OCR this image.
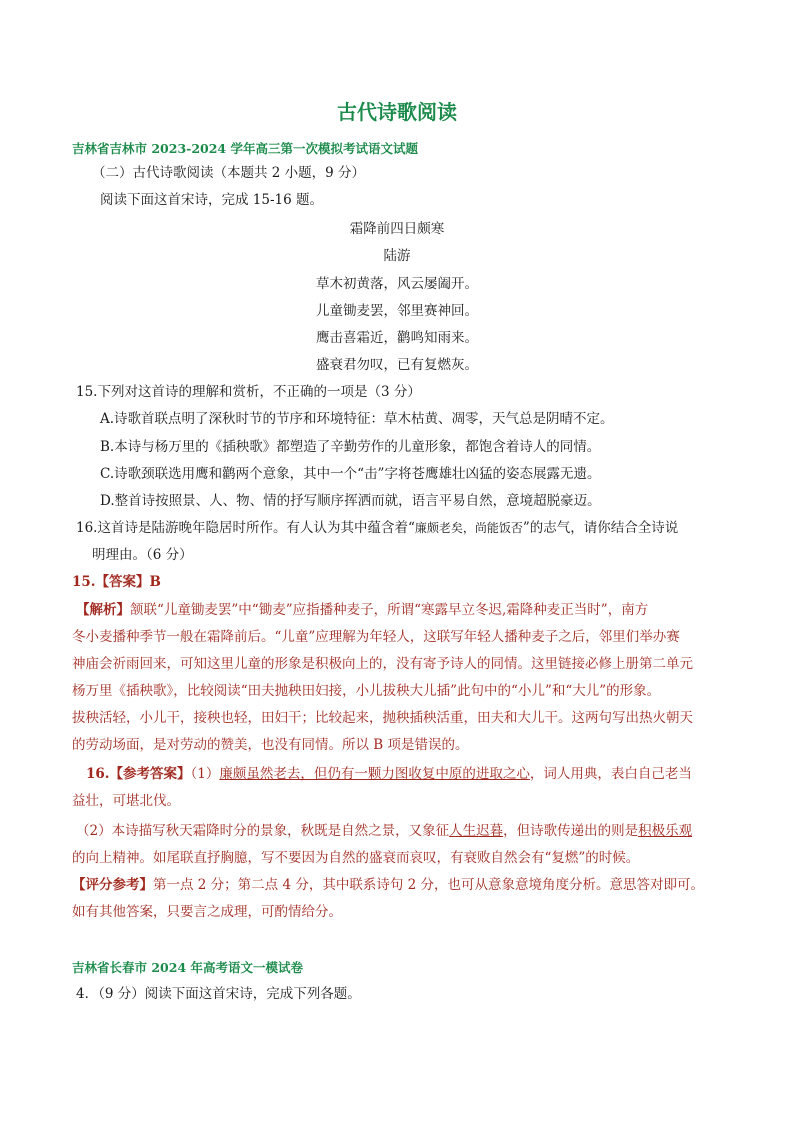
古代诗歌阅读
吉林省吉林市 2023-2024 学年高三第一次模拟考试语文试题
（二）古代诗歌阅读（本题共 2 小题，9 分）
阅读下面这首宋诗，完成 15-16 题。
霜降前四日颇寒
陆游
草木初黄落，风云屡阖开。
儿童锄麦罢，邻里赛神回。
鹰击喜霜近，鹳鸣知雨来。
盛衰君勿叹，已有复燃灰。
15.下列对这首诗的理解和赏析，不正确的一项是（3 分）
A.诗歌首联点明了深秋时节的节序和环境特征：草木枯黄、凋零，天气总是阴晴不定。
B.本诗与杨万里的《插秧歌》都塑造了辛勤劳作的儿童形象，都饱含着诗人的同情。
C.诗歌颈联选用鹰和鹳两个意象，其中一个“击”字将苍鹰雄壮凶猛的姿态展露无遗。
D.整首诗按照景、人、物、情的抒写顺序挥洒而就，语言平易自然，意境超脱豪迈。
16.这首诗是陆游晚年隐居时所作。有人认为其中蕴含着“廉颇老矣，尚能饭否”的志气，请你结合全诗说
明理由。（6 分）
15.【答案】B
【解析】颔联“儿童锄麦罢”中“锄麦”应指播种麦子，所谓“寒露早立冬迟,霜降种麦正当时”，南方
冬小麦播种季节一般在霜降前后。“儿童”应理解为年轻人，这联写年轻人播种麦子之后，邻里们举办赛
神庙会祈雨回来，可知这里儿童的形象是积极向上的，没有寄予诗人的同情。这里链接必修上册第二单元
杨万里《插秧歌》，比较阅读“田夫抛秧田妇接，小儿拔秧大儿插”此句中的“小儿”和“大儿”的形象。
拔秧活轻，小儿干，接秧也轻，田妇干；比较起来，抛秧插秧活重，田夫和大儿干。这两句写出热火朝天
的劳动场面，是对劳动的赞美，也没有同情。所以 B 项是错误的。
16.【参考答案】（1）廉颇虽然老去，但仍有一颗力图收复中原的进取之心，词人用典，表白自己老当
益壮，可堪北伐。
（2）本诗描写秋天霜降时分的景象，秋既是自然之景，又象征人生迟暮，但诗歌传递出的则是积极乐观
的向上精神。如尾联直抒胸臆，写不要因为自然的盛衰而哀叹，有衰败自然会有“复燃”的时候。
【评分参考】第一点 2 分；第二点 4 分，其中联系诗句 2 分，也可从意象意境角度分析。意思答对即可。
如有其他答案，只要言之成理，可酌情给分。
吉林省长春市 2024 年高考语文一模试卷
4．（9 分）阅读下面这首宋诗，完成下列各题。
